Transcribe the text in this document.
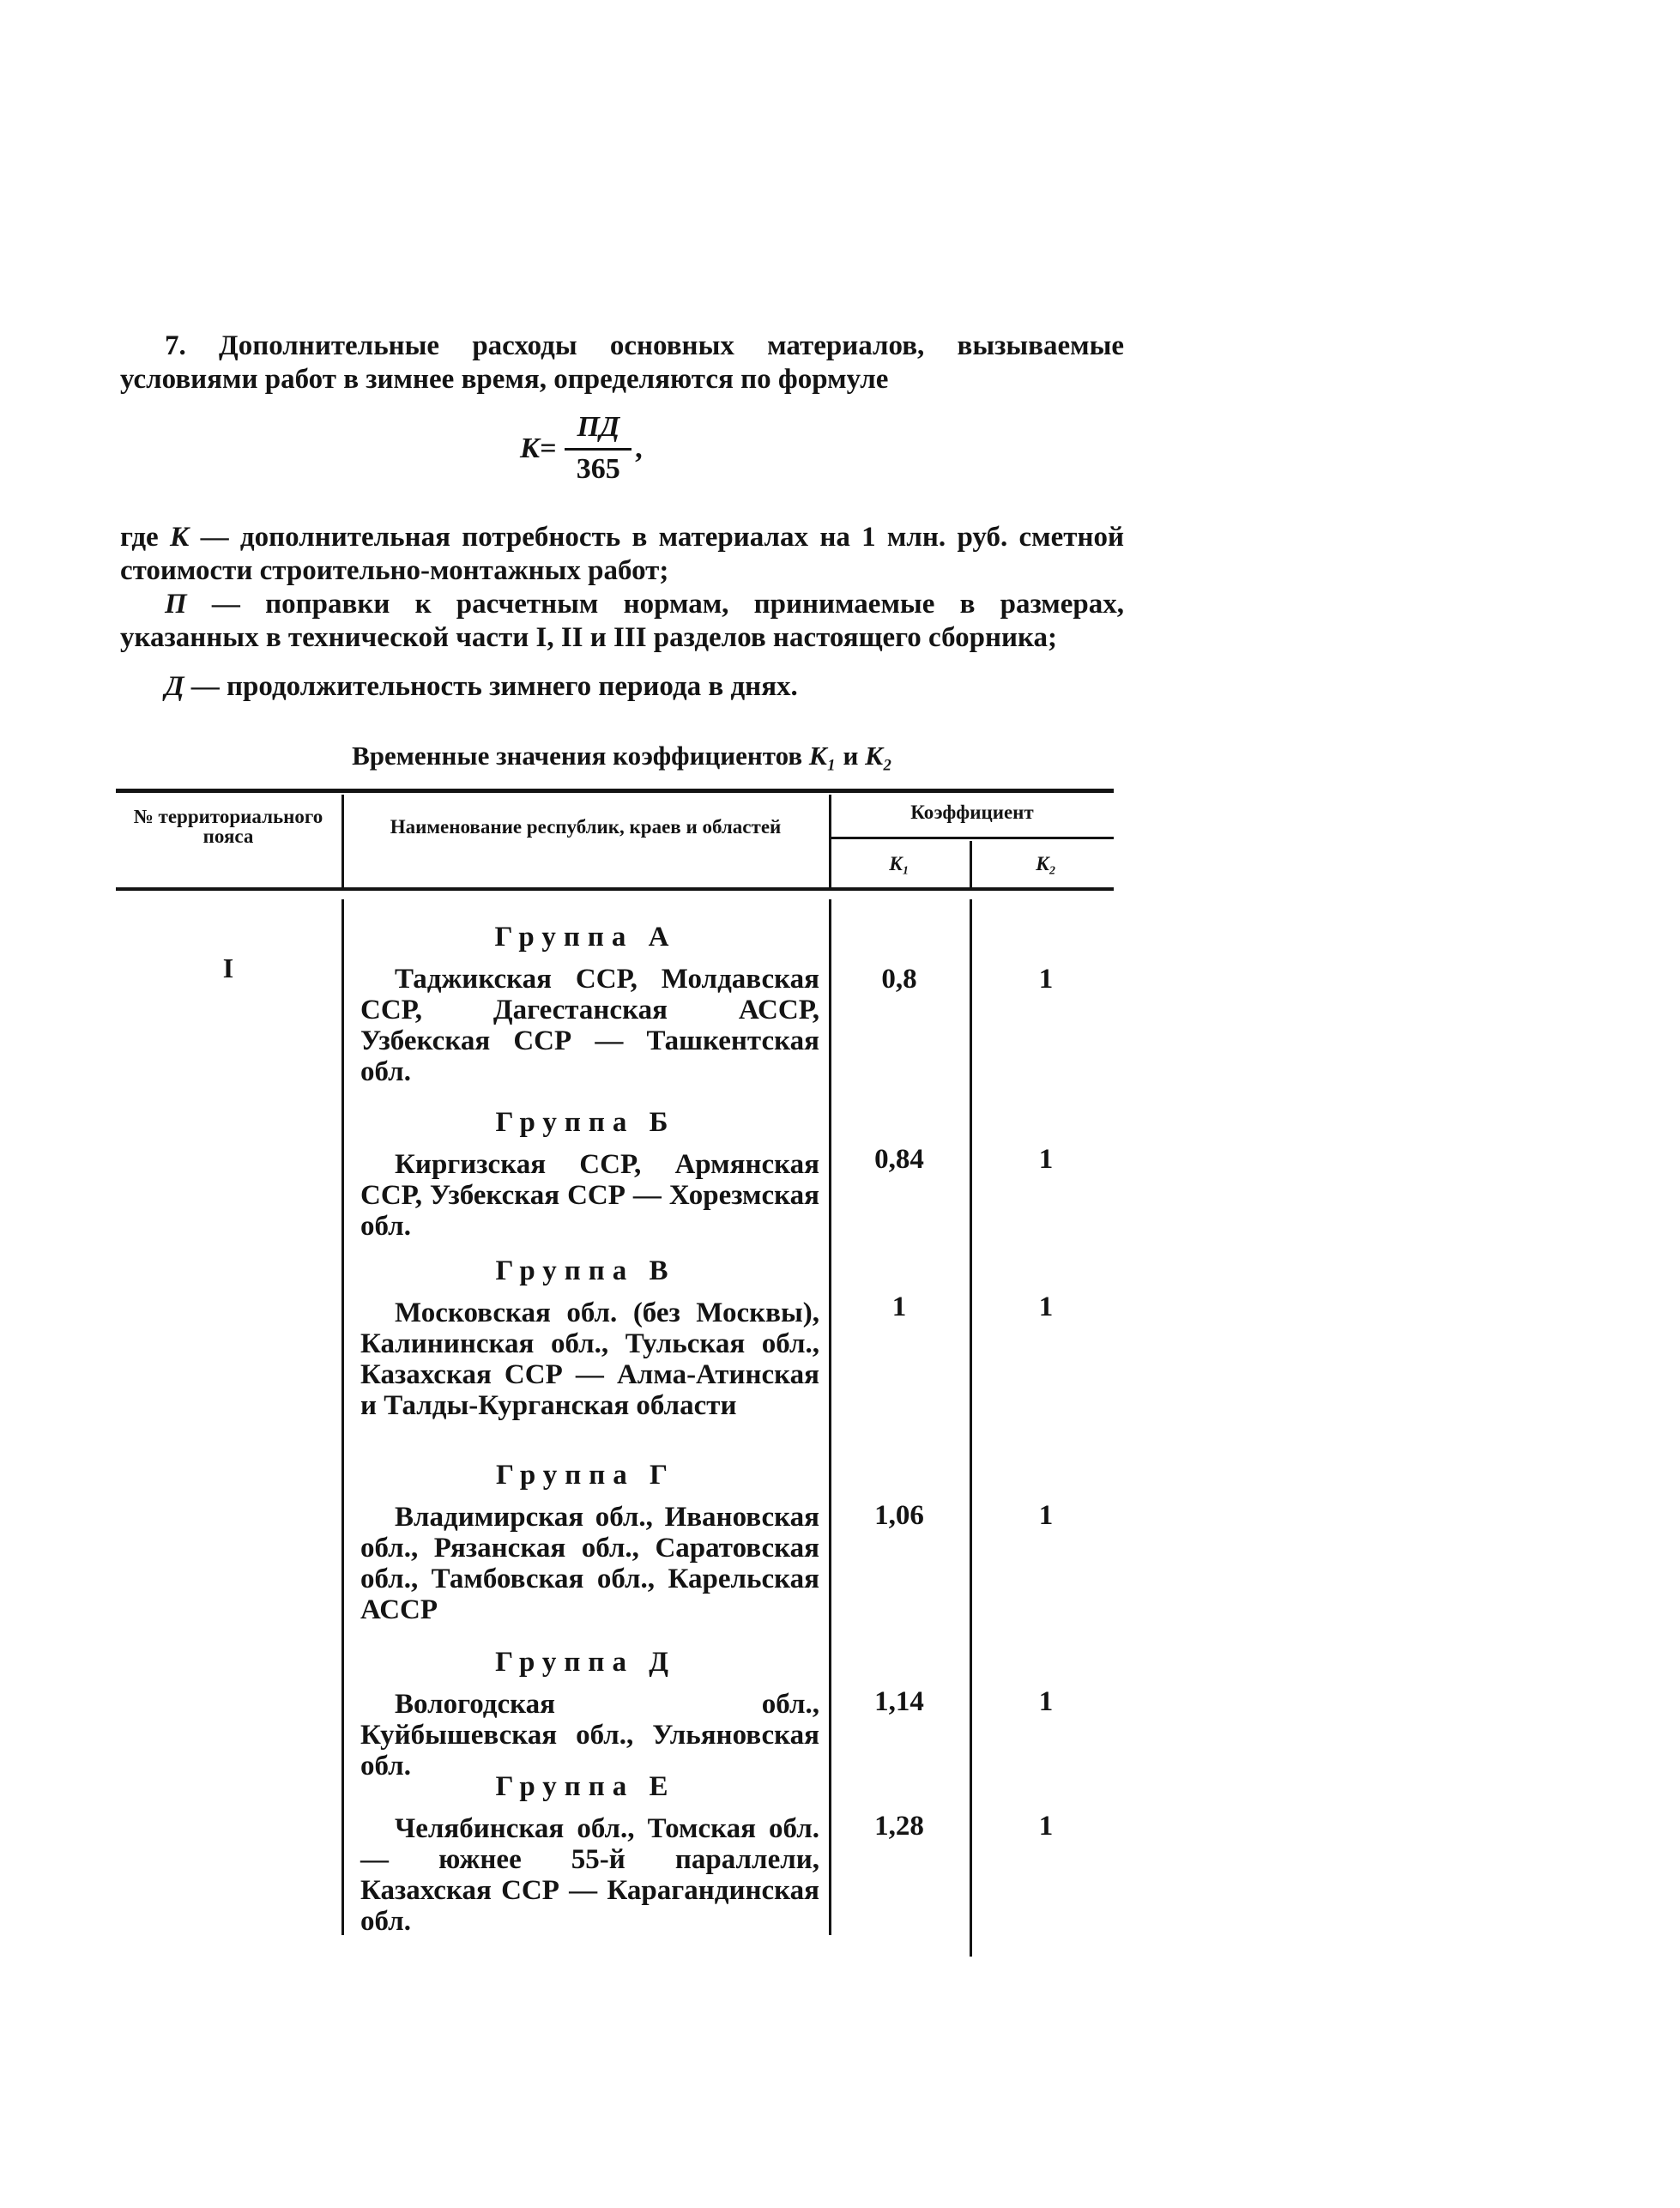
7. Дополнительные расходы основных материалов, вызываемые условиями работ в зимнее время, определяются по формуле

$К= \frac{ПД}{365}$ ,

где К — дополнительная потребность в материалах на 1 млн. руб. сметной стоимости строительно-монтажных работ;

П — поправки к расчетным нормам, принимаемые в размерах, указанных в технической части I, II и III разделов настоящего сборника;

Д — продолжительность зимнего периода в днях.

Временные значения коэффициентов К₁ и К₂
№ территориального пояса	Наименование республик, краев и областей
Коэффициент
К₁	К₂
I
Группа А
Таджикская ССР, Молдавская ССР, Дагестанская АССР, Узбекская ССР — Ташкентская обл.
0,8	1
Группа Б
Киргизская ССР, Армянская ССР, Узбекская ССР — Хорезмская обл.
0,84	1
Группа В
Московская обл. (без Москвы), Калининская обл., Тульская обл., Казахская ССР — Алма-Атинская и Талды-Курганская области
1	1
Группа Г
Владимирская обл., Ивановская обл., Рязанская обл., Саратовская обл., Тамбовская обл., Карельская АССР
1,06	1
Группа Д
Вологодская обл., Куйбышевская обл., Ульяновская обл.
1,14	1
Группа Е
Челябинская обл., Томская обл. — южнее 55-й параллели, Казахская ССР — Карагандинская обл.
1,28	1
